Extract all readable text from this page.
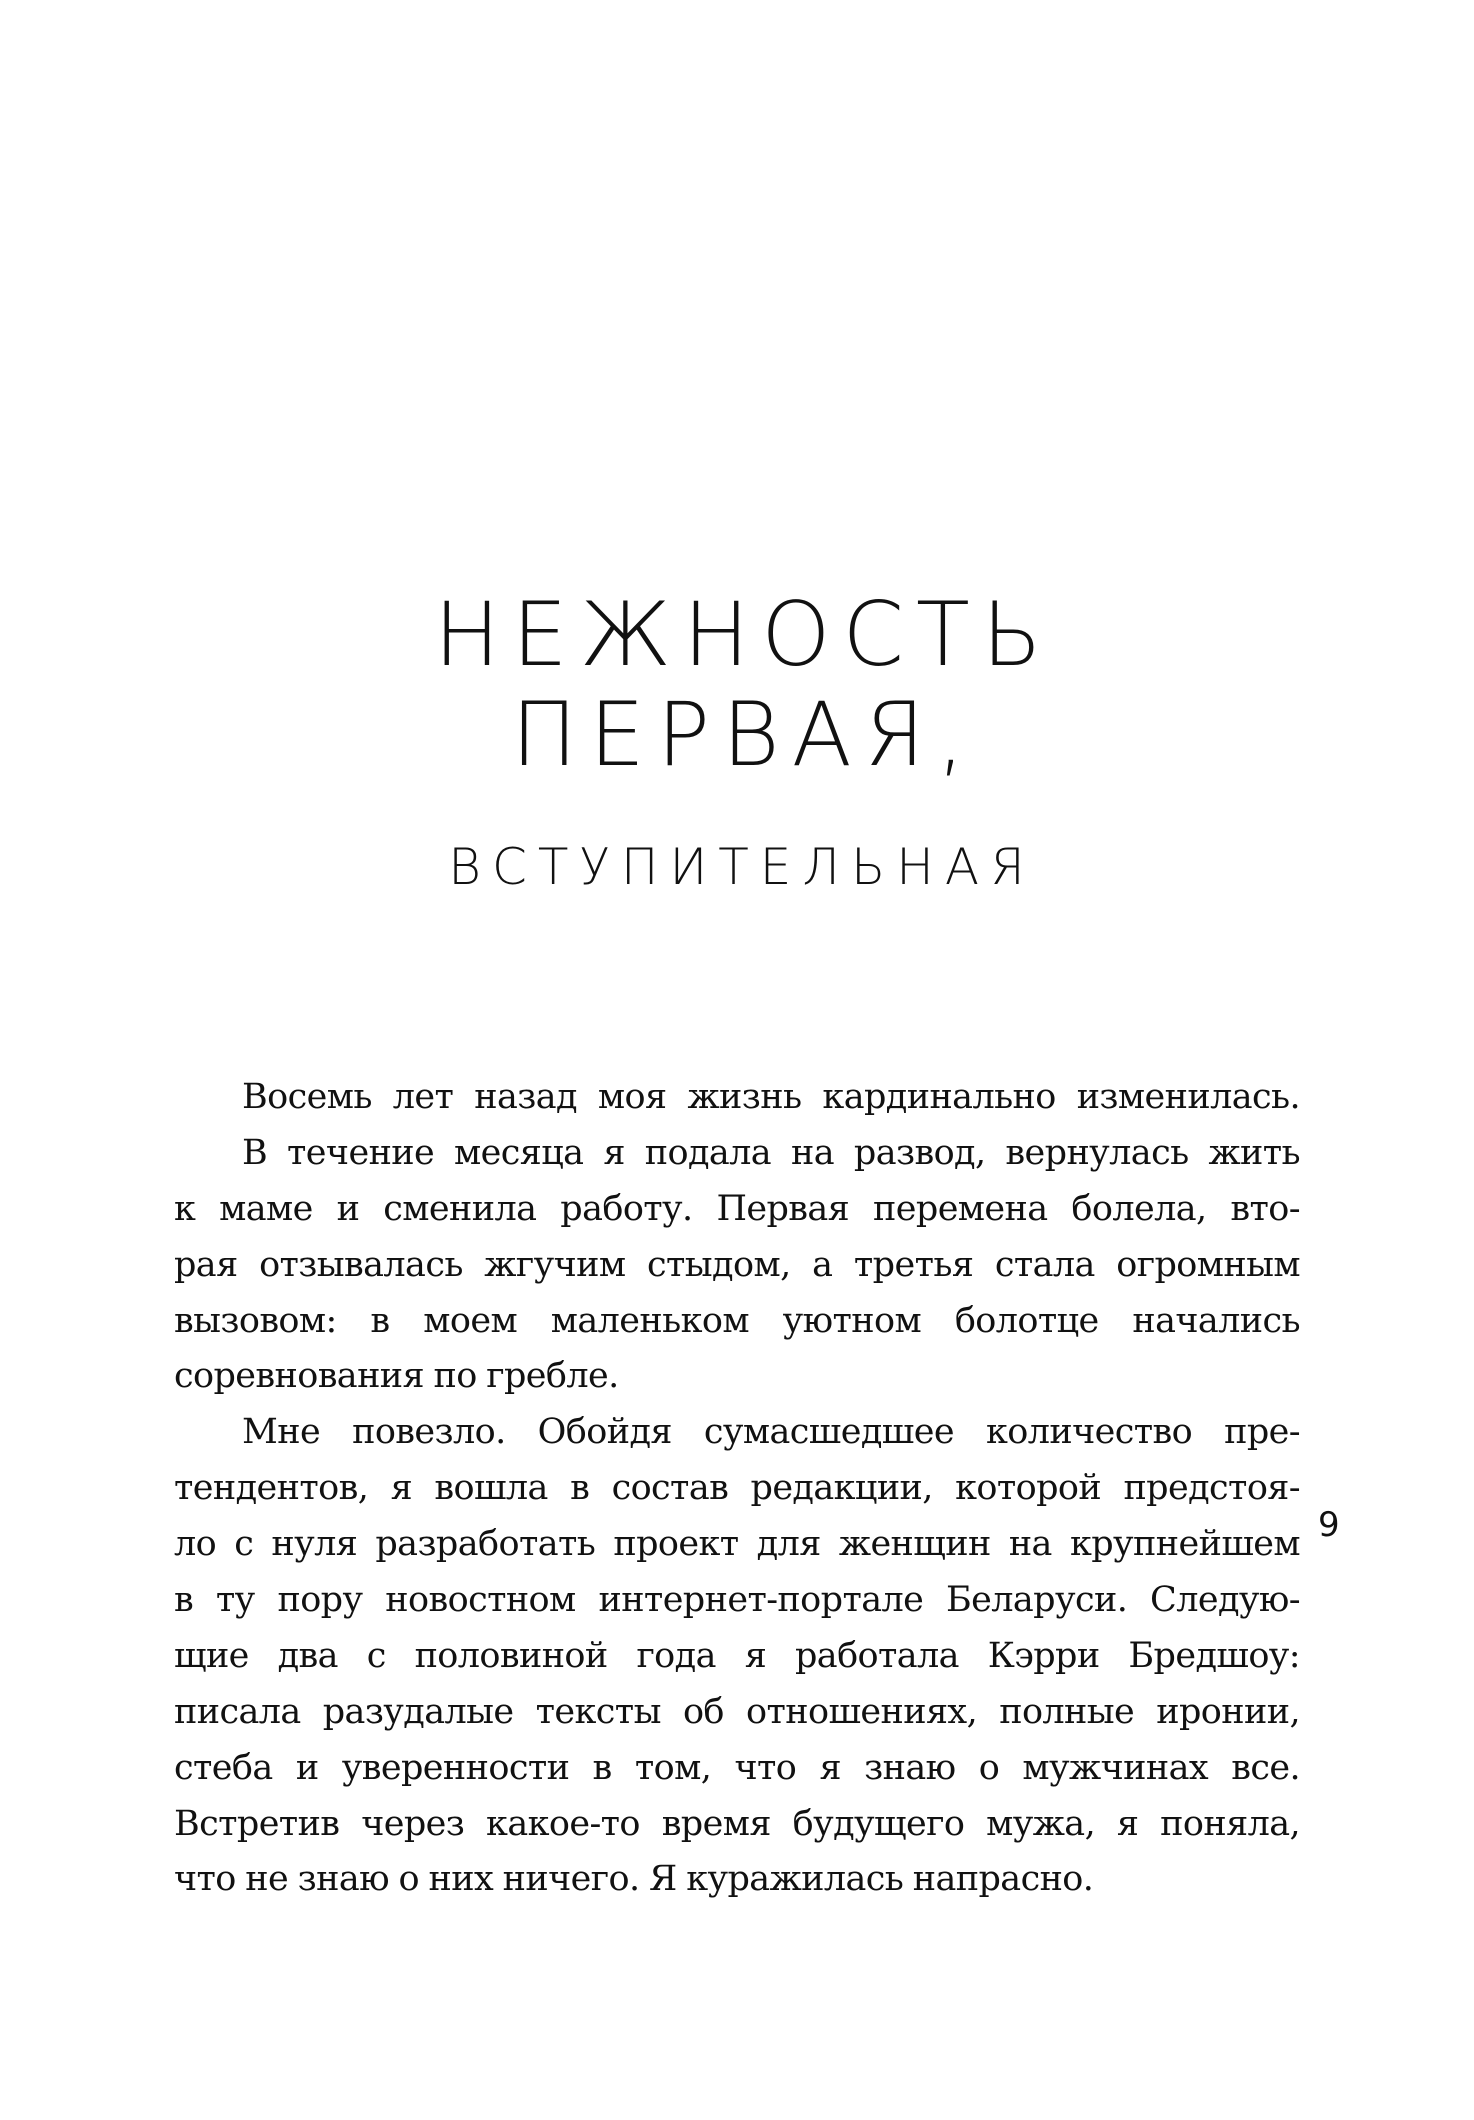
НЕЖНОСТЬ
ПЕРВАЯ,
ВСТУПИТЕЛЬНАЯ
Восемь лет назад моя жизнь кардинально изменилась.
В течение месяца я подала на развод, вернулась жить
к маме и сменила работу. Первая перемена болела, вто-
рая отзывалась жгучим стыдом, а третья стала огромным
вызовом: в моем маленьком уютном болотце начались
соревнования по гребле.
Мне повезло. Обойдя сумасшедшее количество пре-
тендентов, я вошла в состав редакции, которой предстоя-
ло с нуля разработать проект для женщин на крупнейшем
в ту пору новостном интернет-портале Беларуси. Следую-
щие два с половиной года я работала Кэрри Бредшоу:
писала разудалые тексты об отношениях, полные иронии,
стеба и уверенности в том, что я знаю о мужчинах все.
Встретив через какое-то время будущего мужа, я поняла,
что не знаю о них ничего. Я куражилась напрасно.
9
